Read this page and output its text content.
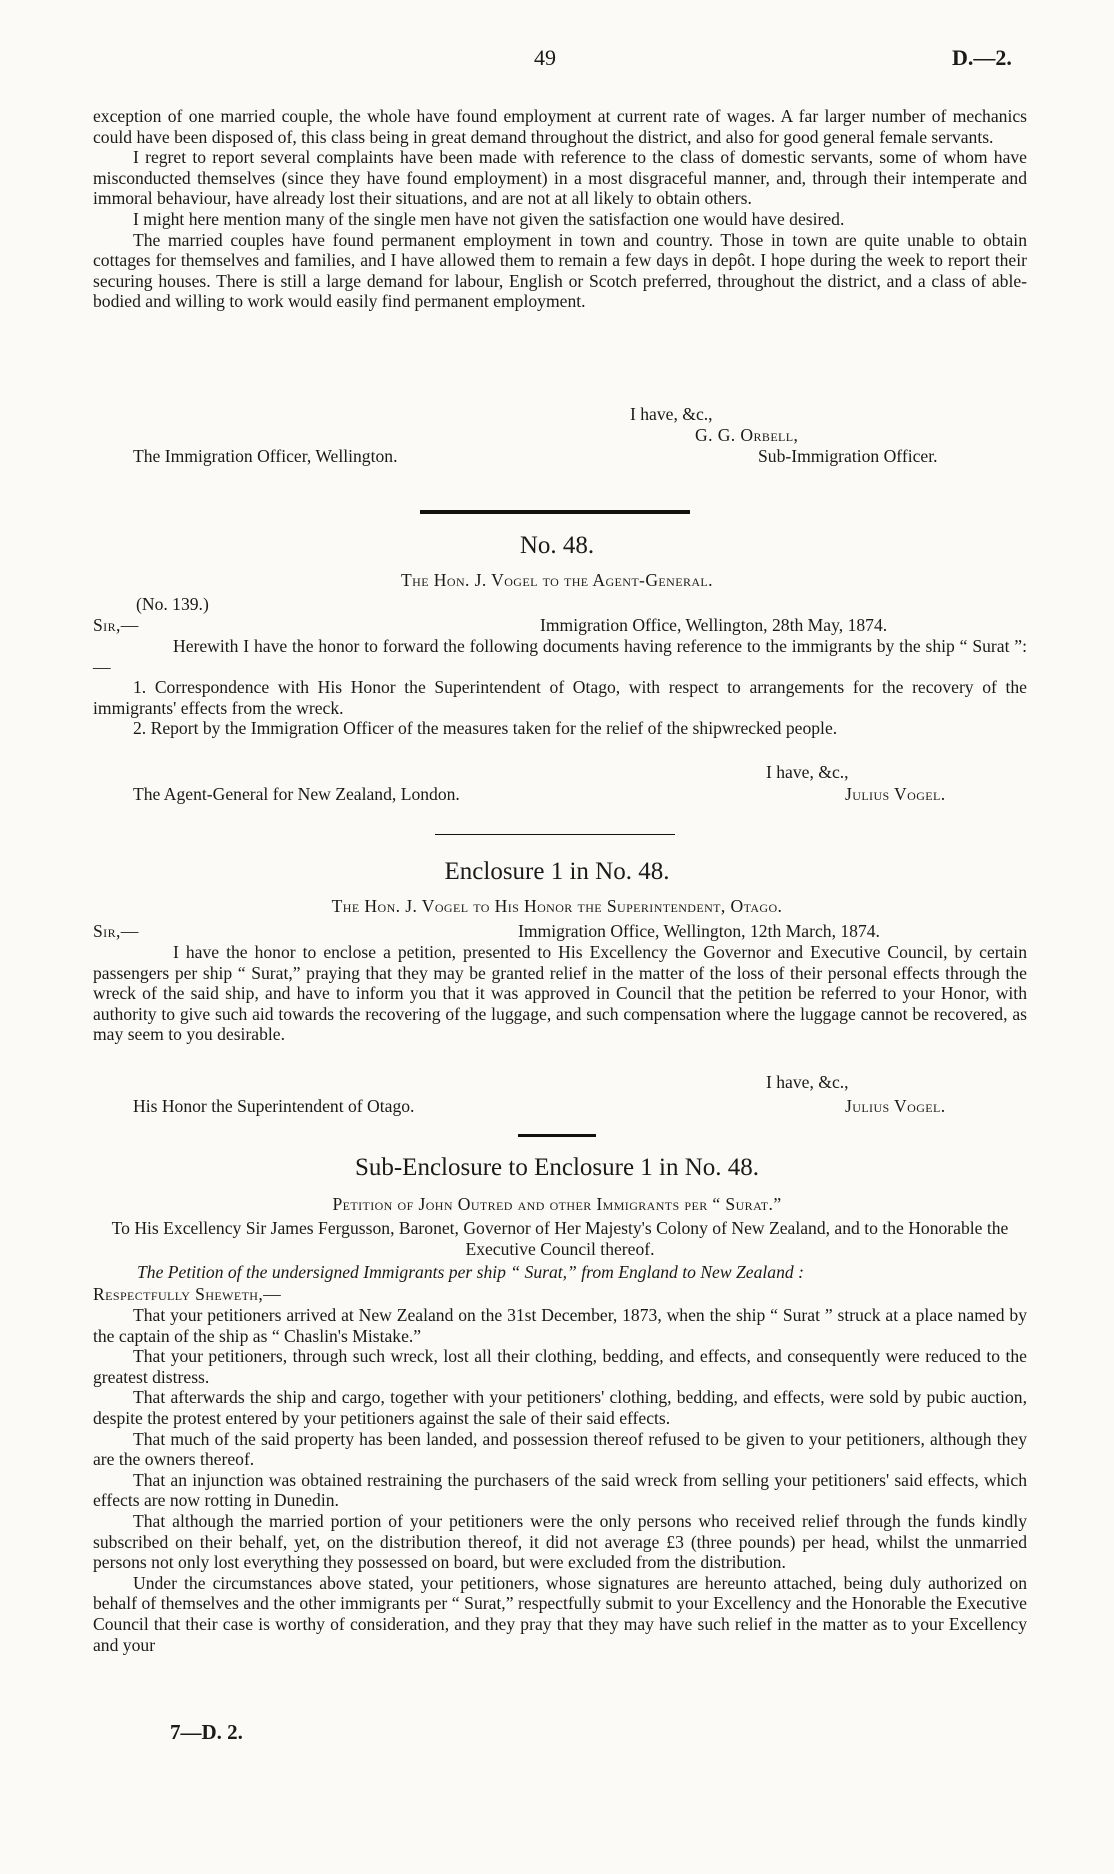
49	D.—2.

exception of one married couple, the whole have found employment at current rate of wages. A far larger number of mechanics could have been disposed of, this class being in great demand throughout the district, and also for good general female servants.

I regret to report several complaints have been made with reference to the class of domestic servants, some of whom have misconducted themselves (since they have found employment) in a most disgraceful manner, and, through their intemperate and immoral behaviour, have already lost their situations, and are not at all likely to obtain others.

I might here mention many of the single men have not given the satisfaction one would have desired.

The married couples have found permanent employment in town and country. Those in town are quite unable to obtain cottages for themselves and families, and I have allowed them to remain a few days in depôt. I hope during the week to report their securing houses. There is still a large demand for labour, English or Scotch preferred, throughout the district, and a class of able-bodied and willing to work would easily find permanent employment.

I have, &c.,
G. G. Orbell,
The Immigration Officer, Wellington.	Sub-Immigration Officer.
No. 48.
The Hon. J. Vogel to the Agent-General.
(No. 139.)
Sir,—	Immigration Office, Wellington, 28th May, 1874.

Herewith I have the honor to forward the following documents having reference to the immigrants by the ship “ Surat ”:—

1. Correspondence with His Honor the Superintendent of Otago, with respect to arrangements for the recovery of the immigrants' effects from the wreck.

2. Report by the Immigration Officer of the measures taken for the relief of the shipwrecked people.

I have, &c.,
The Agent-General for New Zealand, London.	Julius Vogel.
Enclosure 1 in No. 48.
The Hon. J. Vogel to His Honor the Superintendent, Otago.
Sir,—	Immigration Office, Wellington, 12th March, 1874.

I have the honor to enclose a petition, presented to His Excellency the Governor and Executive Council, by certain passengers per ship “ Surat,” praying that they may be granted relief in the matter of the loss of their personal effects through the wreck of the said ship, and have to inform you that it was approved in Council that the petition be referred to your Honor, with authority to give such aid towards the recovering of the luggage, and such compensation where the luggage cannot be recovered, as may seem to you desirable.

I have, &c.,
His Honor the Superintendent of Otago.	Julius Vogel.
Sub-Enclosure to Enclosure 1 in No. 48.
Petition of John Outred and other Immigrants per “ Surat.”
To His Excellency Sir James Fergusson, Baronet, Governor of Her Majesty's Colony of New Zealand, and to the Honorable the Executive Council thereof.
The Petition of the undersigned Immigrants per ship “ Surat,” from England to New Zealand :
Respectfully Sheweth,—

That your petitioners arrived at New Zealand on the 31st December, 1873, when the ship “ Surat ” struck at a place named by the captain of the ship as “ Chaslin's Mistake.”

That your petitioners, through such wreck, lost all their clothing, bedding, and effects, and consequently were reduced to the greatest distress.

That afterwards the ship and cargo, together with your petitioners' clothing, bedding, and effects, were sold by pubic auction, despite the protest entered by your petitioners against the sale of their said effects.

That much of the said property has been landed, and possession thereof refused to be given to your petitioners, although they are the owners thereof.

That an injunction was obtained restraining the purchasers of the said wreck from selling your petitioners' said effects, which effects are now rotting in Dunedin.

That although the married portion of your petitioners were the only persons who received relief through the funds kindly subscribed on their behalf, yet, on the distribution thereof, it did not average £3 (three pounds) per head, whilst the unmarried persons not only lost everything they possessed on board, but were excluded from the distribution.

Under the circumstances above stated, your petitioners, whose signatures are hereunto attached, being duly authorized on behalf of themselves and the other immigrants per “ Surat,” respectfully submit to your Excellency and the Honorable the Executive Council that their case is worthy of consideration, and they pray that they may have such relief in the matter as to your Excellency and your

7—D. 2.
